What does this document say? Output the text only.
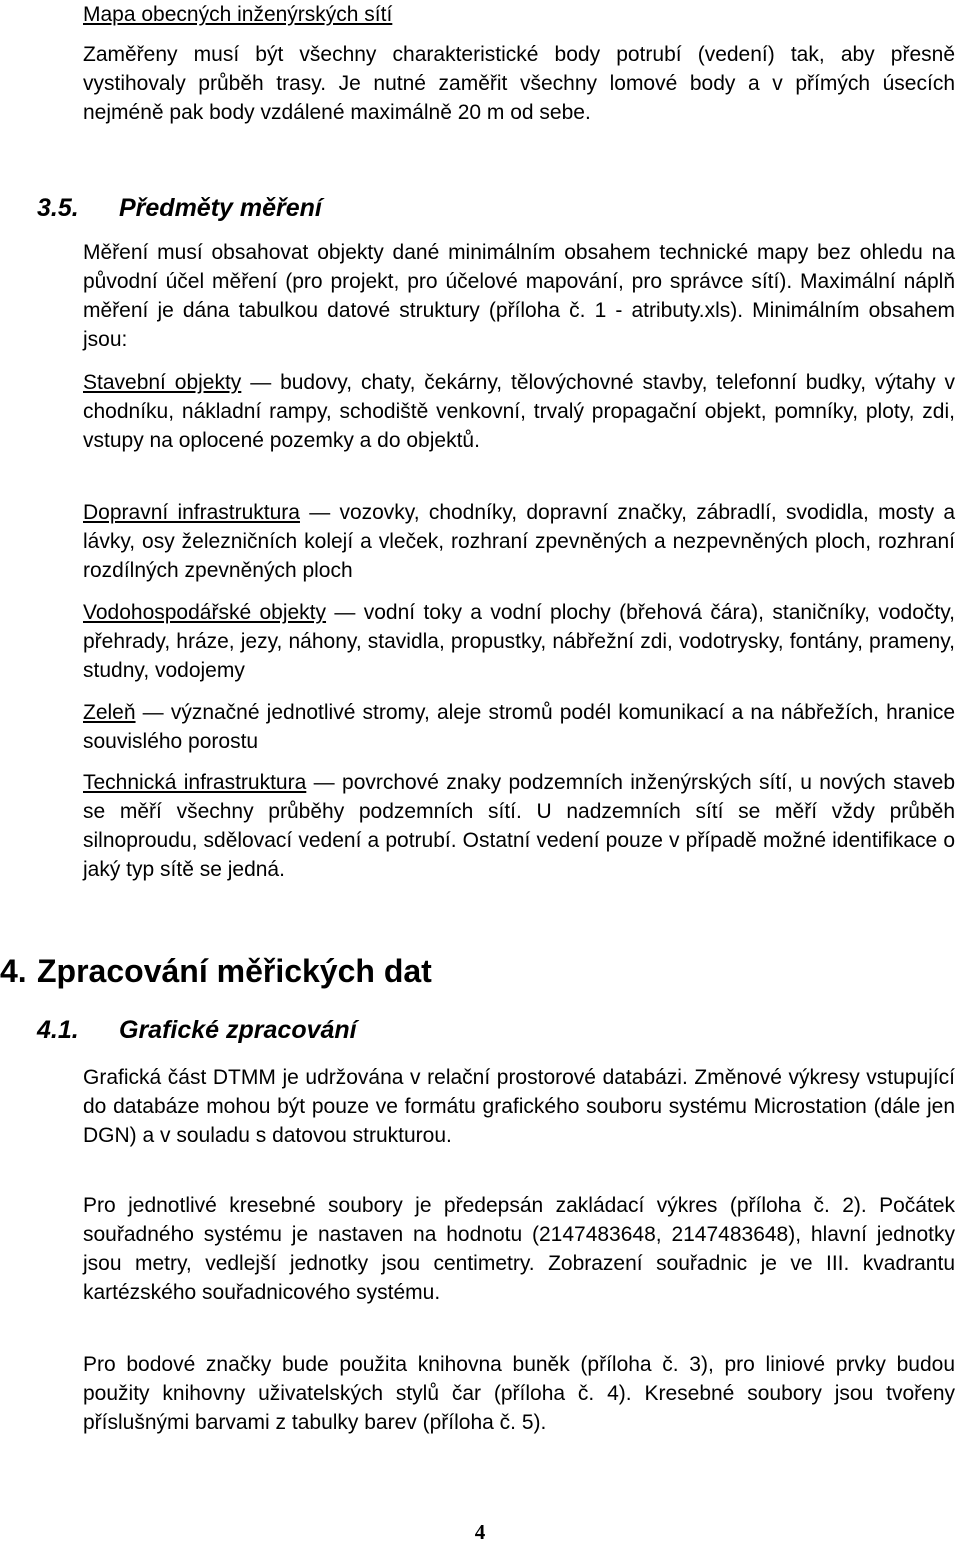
Mapa obecných inženýrských sítí

Zaměřeny musí být všechny charakteristické body potrubí (vedení) tak, aby přesně vystihovaly průběh trasy. Je nutné zaměřit všechny lomové body a v přímých úsecích nejméně pak body vzdálené maximálně 20 m od sebe.

3.5. Předměty měření

Měření musí obsahovat objekty dané minimálním obsahem technické mapy bez ohledu na původní účel měření (pro projekt, pro účelové mapování, pro správce sítí). Maximální náplň měření je dána tabulkou datové struktury (příloha č. 1 - atributy.xls). Minimálním obsahem jsou:

Stavební objekty — budovy, chaty, čekárny, tělovýchovné stavby, telefonní budky, výtahy v chodníku, nákladní rampy, schodiště venkovní, trvalý propagační objekt, pomníky, ploty, zdi, vstupy na oplocené pozemky a do objektů.

Dopravní infrastruktura — vozovky, chodníky, dopravní značky, zábradlí, svodidla, mosty a lávky, osy železničních kolejí a vleček, rozhraní zpevněných a nezpevněných ploch, rozhraní rozdílných zpevněných ploch

Vodohospodářské objekty — vodní toky a vodní plochy (břehová čára), staničníky, vodočty, přehrady, hráze, jezy, náhony, stavidla, propustky, nábřežní zdi, vodotrysky, fontány, prameny, studny, vodojemy

Zeleň — význačné jednotlivé stromy, aleje stromů podél komunikací a na nábřežích, hranice souvislého porostu

Technická infrastruktura — povrchové znaky podzemních inženýrských sítí, u nových staveb se měří všechny průběhy podzemních sítí. U nadzemních sítí se měří vždy průběh silnoproudu, sdělovací vedení a potrubí. Ostatní vedení pouze v případě možné identifikace o jaký typ sítě se jedná.

4. Zpracování měřických dat
4.1. Grafické zpracování

Grafická část DTMM je udržována v relační prostorové databázi. Změnové výkresy vstupující do databáze mohou být pouze ve formátu grafického souboru systému Microstation (dále jen DGN) a v souladu s datovou strukturou.

Pro jednotlivé kresebné soubory je předepsán zakládací výkres (příloha č. 2). Počátek souřadného systému je nastaven na hodnotu (2147483648, 2147483648), hlavní jednotky jsou metry, vedlejší jednotky jsou centimetry. Zobrazení souřadnic je ve III. kvadrantu kartézského souřadnicového systému.

Pro bodové značky bude použita knihovna buněk (příloha č. 3), pro liniové prvky budou použity knihovny uživatelských stylů čar (příloha č. 4). Kresebné soubory jsou tvořeny příslušnými barvami z tabulky barev (příloha č. 5).

4
